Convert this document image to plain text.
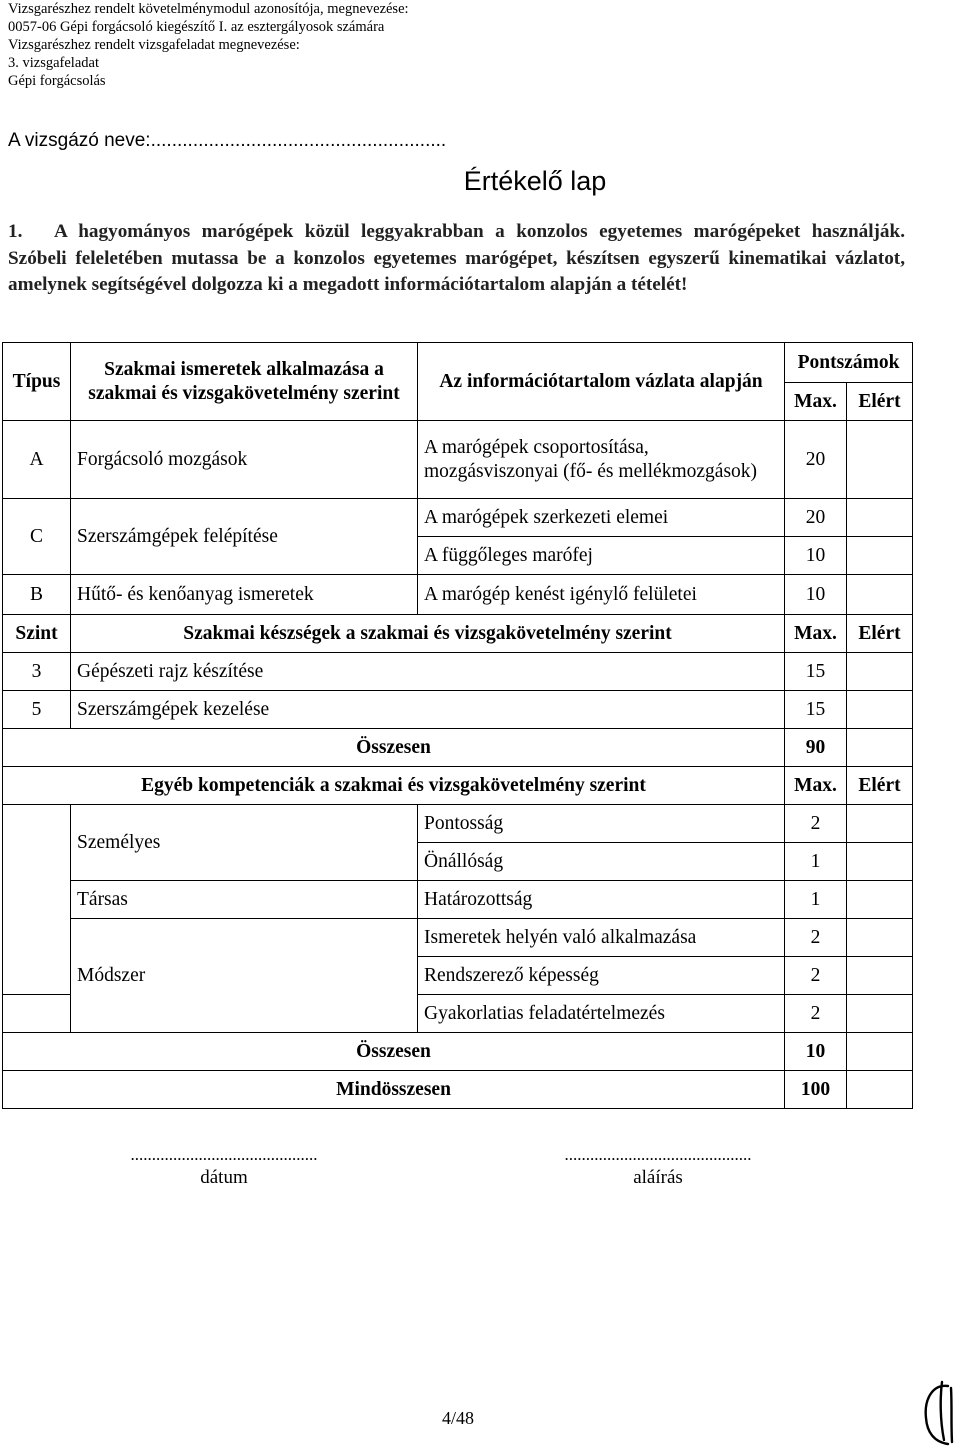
Vizsgarészhez rendelt követelménymodul azonosítója, megnevezése:
0057-06 Gépi forgácsoló kiegészítő I. az esztergályosok számára
Vizsgarészhez rendelt vizsgafeladat megnevezése:
3. vizsgafeladat
Gépi forgácsolás
A vizsgázó neve:........................................................
Értékelő lap
1. A hagyományos marógépek közül leggyakrabban a konzolos egyetemes marógépeket használják. Szóbeli feleletében mutassa be a konzolos egyetemes marógépet, készítsen egyszerű kinematikai vázlatot, amelynek segítségével dolgozza ki a megadott információtartalom alapján a tételét!
Típus	Szakmai ismeretek alkalmazása a szakmai és vizsgakövetelmény szerint	Az információtartalom vázlata alapján	Pontszámok	
			Max.	Elért
A	Forgácsoló mozgások	A marógépek csoportosítása, mozgásviszonyai (fő- és mellékmozgások)	20	
C	Szerszámgépek felépítése	A marógépek szerkezeti elemei	20	
		A függőleges marófej	10	
B	Hűtő- és kenőanyag ismeretek	A marógép kenést igénylő felületei	10	
Szint	Szakmai készségek a szakmai és vizsgakövetelmény szerint		Max.	Elért
3	Gépészeti rajz készítése		15	
5	Szerszámgépek kezelése		15	
Összesen			90	
Egyéb kompetenciák a szakmai és vizsgakövetelmény szerint			Max.	Elért
	Személyes	Pontosság	2	
		Önállóság	1	
	Társas	Határozottság	1	
	Módszer	Ismeretek helyén való alkalmazása	2	
		Rendszerező képesség	2	
		Gyakorlatias feladatértelmezés	2	
Összesen			10	
Mindösszesen			100	
............................................
dátum
............................................
aláírás
4/48
